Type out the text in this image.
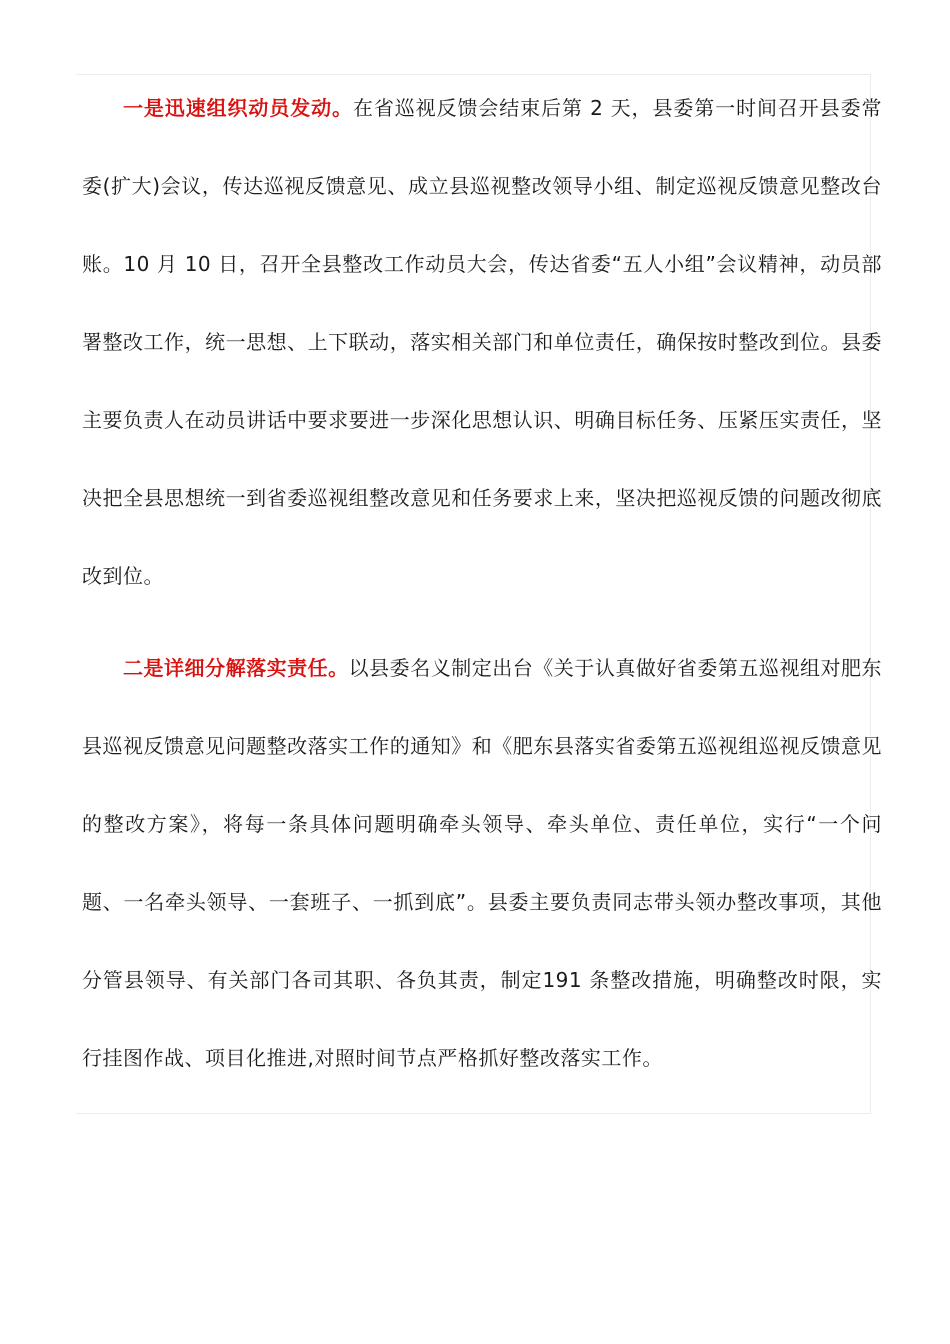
一是迅速组织动员发动。在省巡视反馈会结束后第 2 天，县委第一时间召开县委常委(扩大)会议，传达巡视反馈意见、成立县巡视整改领导小组、制定巡视反馈意见整改台账。10 月 10 日，召开全县整改工作动员大会，传达省委“五人小组”会议精神，动员部署整改工作，统一思想、上下联动，落实相关部门和单位责任，确保按时整改到位。县委主要负责人在动员讲话中要求要进一步深化思想认识、明确目标任务、压紧压实责任，坚决把全县思想统一到省委巡视组整改意见和任务要求上来，坚决把巡视反馈的问题改彻底改到位。

二是详细分解落实责任。以县委名义制定出台《关于认真做好省委第五巡视组对肥东县巡视反馈意见问题整改落实工作的通知》和《肥东县落实省委第五巡视组巡视反馈意见的整改方案》，将每一条具体问题明确牵头领导、牵头单位、责任单位，实行“一个问题、一名牵头领导、一套班子、一抓到底”。县委主要负责同志带头领办整改事项，其他分管县领导、有关部门各司其职、各负其责，制定191 条整改措施，明确整改时限，实行挂图作战、项目化推进,对照时间节点严格抓好整改落实工作。
